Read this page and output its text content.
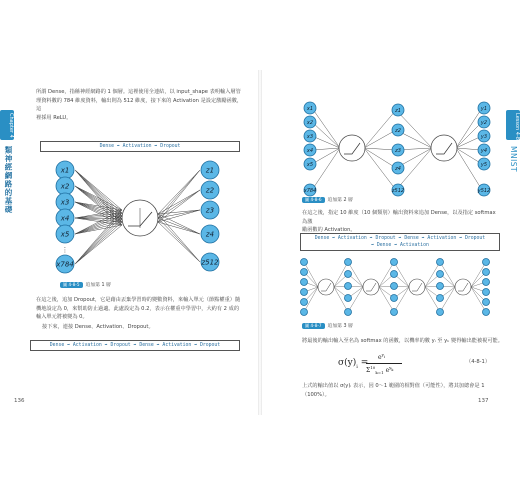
Chapter 4
類神經網路的基礎
所謂 Dense，指稱神經網路的 1 個層。這裡使用全連結，以 input_shape 表明輸入層管
理資料數的 784 維度資料，輸出則為 512 維度，接下來的 Activation 是設定激勵函數，這
裡採用 ReLU。
Dense ➡ Activation ➡ Dropout
x1
x2
x3
x4
x5
x784
z1
z2
z3
z4
z512
⋮
圖 4-8-5	追加第 1 層
在這之後，追加 Dropout，它是藉由丟棄學習時的變數資料，來輸入單元（節點權重）隨
機地設定為 0，來幫助防止過適。此處設定為 0.2，表示在權重中學習中，大約有 2 成的
輸入單元將被變為 0。
接下來，連接 Dense、Activation、Dropout。
Dense ➡ Activation ➡ Dropout ➡ Dense ➡ Activation ➡ Dropout
136
Lesson 4-8
MNIST
x1
x2
x3
x4
x5
x784
z1
z2
z3
z4
z512
y1
y2
y3
y4
y5
y512
圖 4-8-6	追加第 2 層
在這之後，指定 10 維度（10 個類別）輸出資料來追加 Dense，以及指定 softmax 為激
勵函數的 Activation。
Dense ➡ Activation ➡ Dropout ➡ Dense ➡ Activation ➡ Dropout
➡ Dense ➡ Activation
圖 4-8-7	追加第 3 層
將最後的輸出輸入至名為 softmax 的函數，以機率的數 yᵢ 至 yₖ 變得輸出能被視可能。
$\sigma(y)_i$ =
$e^{y_i}$
$\Sigma^{10}_{k=1}$ $e^{y_k}$
（4-8-1）
上式的輸出值以 σ(y)ᵢ 表示，因 0～1 範圍的相對值（可能性），將其加總會是 1（100%）。
137
